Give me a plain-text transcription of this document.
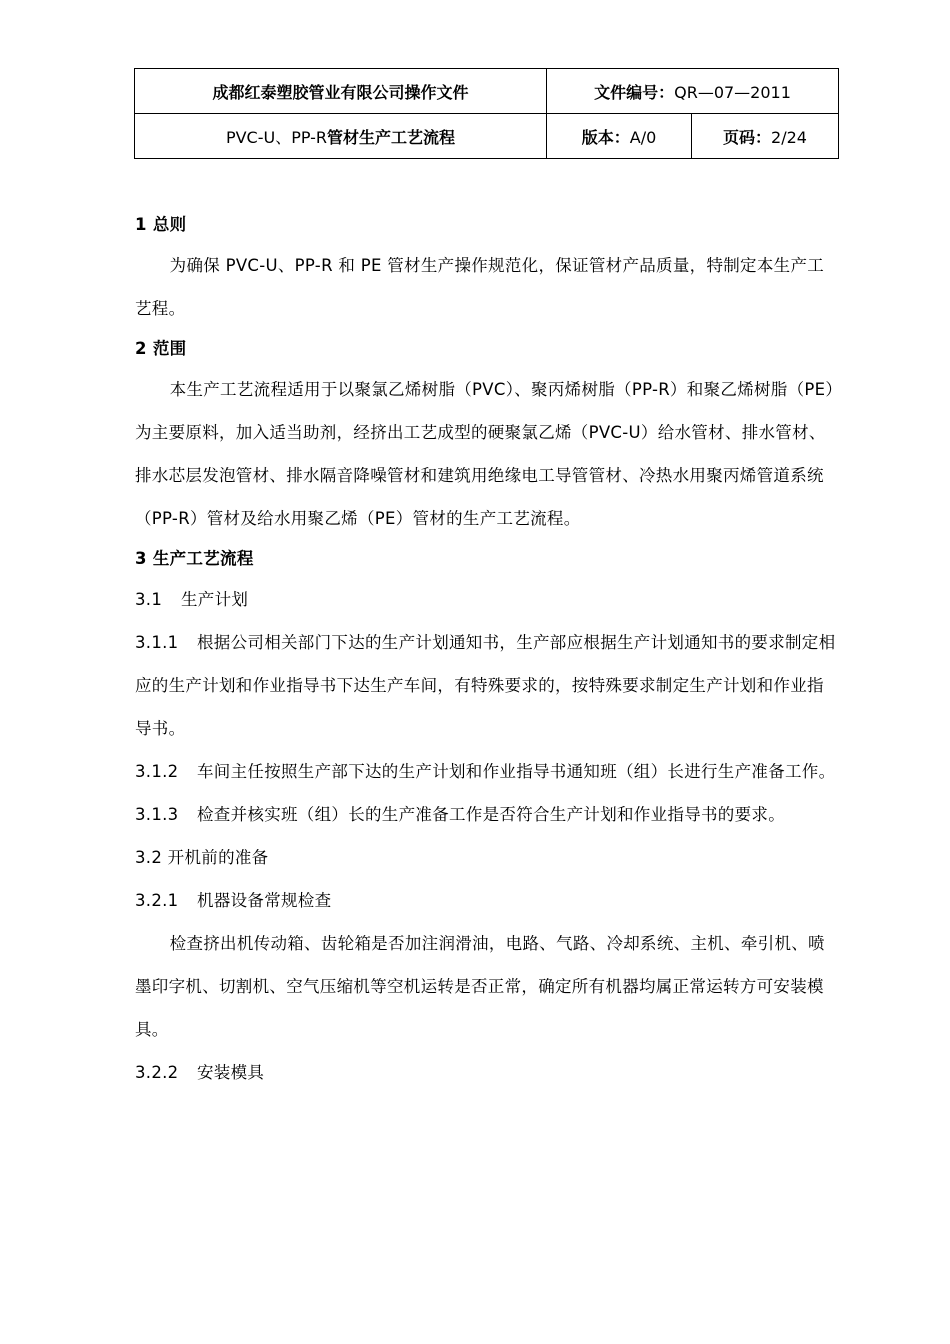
成都红泰塑胶管业有限公司操作文件	文件编号：QR—07—2011	
PVC-U、PP-R管材生产工艺流程	版本：A/0	页码：2/24

1 总则

为确保 PVC-U、PP-R 和 PE 管材生产操作规范化，保证管材产品质量，特制定本生产工艺程。

2 范围

本生产工艺流程适用于以聚氯乙烯树脂（PVC）、聚丙烯树脂（PP-R）和聚乙烯树脂（PE）为主要原料，加入适当助剂，经挤出工艺成型的硬聚氯乙烯（PVC-U）给水管材、排水管材、排水芯层发泡管材、排水隔音降噪管材和建筑用绝缘电工导管管材、冷热水用聚丙烯管道系统（PP-R）管材及给水用聚乙烯（PE）管材的生产工艺流程。

3 生产工艺流程

3.1 生产计划

3.1.1 根据公司相关部门下达的生产计划通知书，生产部应根据生产计划通知书的要求制定相应的生产计划和作业指导书下达生产车间，有特殊要求的，按特殊要求制定生产计划和作业指导书。

3.1.2 车间主任按照生产部下达的生产计划和作业指导书通知班（组）长进行生产准备工作。

3.1.3 检查并核实班（组）长的生产准备工作是否符合生产计划和作业指导书的要求。

3.2 开机前的准备

3.2.1 机器设备常规检查

检查挤出机传动箱、齿轮箱是否加注润滑油，电路、气路、冷却系统、主机、牵引机、喷墨印字机、切割机、空气压缩机等空机运转是否正常，确定所有机器均属正常运转方可安装模具。

3.2.2 安装模具
